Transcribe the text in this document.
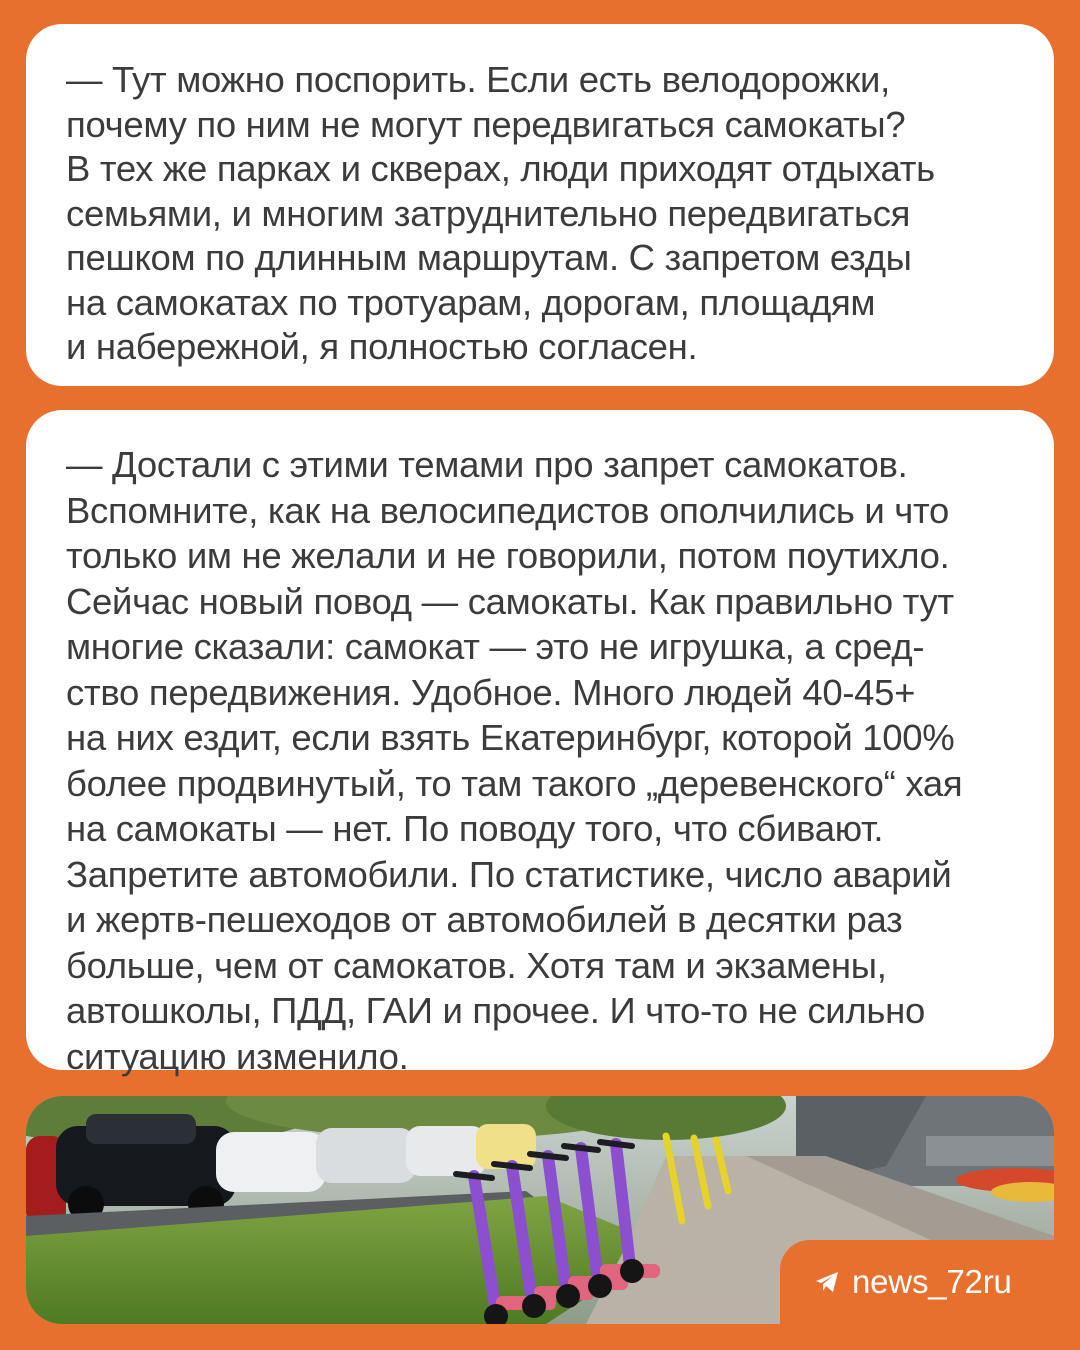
— Тут можно поспорить. Если есть велодорожки,
почему по ним не могут передвигаться самокаты?
В тех же парках и скверах, люди приходят отдыхать
семьями, и многим затруднительно передвигаться
пешком по длинным маршрутам. С запретом езды
на самокатах по тротуарам, дорогам, площадям
и набережной, я полностью согласен.

— Достали с этими темами про запрет самокатов.
Вспомните, как на велосипедистов ополчились и что
только им не желали и не говорили, потом поутихло.
Сейчас новый повод — самокаты. Как правильно тут
многие сказали: самокат — это не игрушка, а сред-
ство передвижения. Удобное. Много людей 40-45+
на них ездит, если взять Екатеринбург, которой 100%
более продвинутый, то там такого „деревенского“ хая
на самокаты — нет. По поводу того, что сбивают.
Запретите автомобили. По статистике, число аварий
и жертв-пешеходов от автомобилей в десятки раз
больше, чем от самокатов. Хотя там и экзамены,
автошколы, ПДД, ГАИ и прочее. И что-то не сильно
ситуацию изменило.

news_72ru
